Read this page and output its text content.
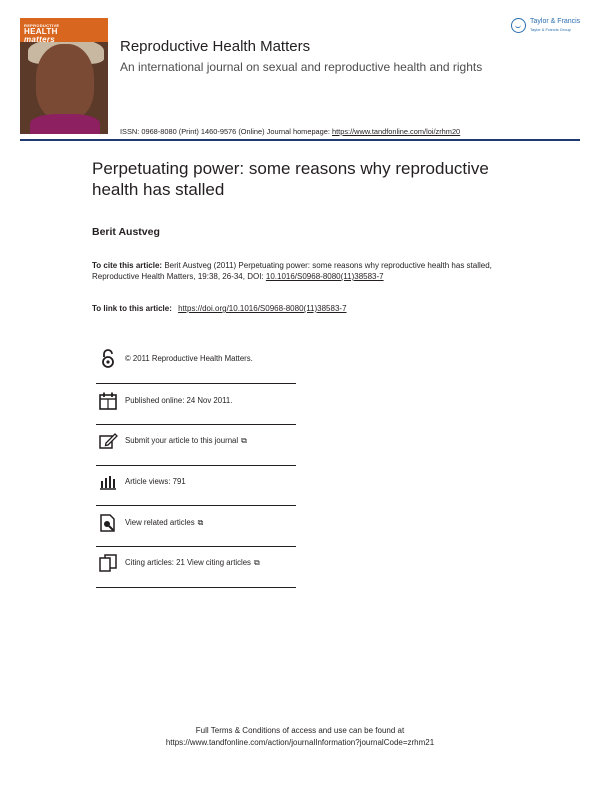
REPRODUCTIVE
HEALTH
matters	Reproductive Health Matters
An international journal on sexual and reproductive health and rights
ISSN: 0968-8080 (Print) 1460-9576 (Online) Journal homepage: https://www.tandfonline.com/loi/zrhm20
Taylor & Francis
Taylor & Francis Group
Perpetuating power: some reasons why reproductive health has stalled
Berit Austveg
To cite this article: Berit Austveg (2011) Perpetuating power: some reasons why reproductive health has stalled, Reproductive Health Matters, 19:38, 26-34, DOI: 10.1016/S0968-8080(11)38583-7
To link to this article: https://doi.org/10.1016/S0968-8080(11)38583-7
© 2011 Reproductive Health Matters.
Published online: 24 Nov 2011.
Submit your article to this journal ⧉
Article views: 791
View related articles ⧉
Citing articles: 21 View citing articles ⧉
Full Terms & Conditions of access and use can be found at
https://www.tandfonline.com/action/journalInformation?journalCode=zrhm21
